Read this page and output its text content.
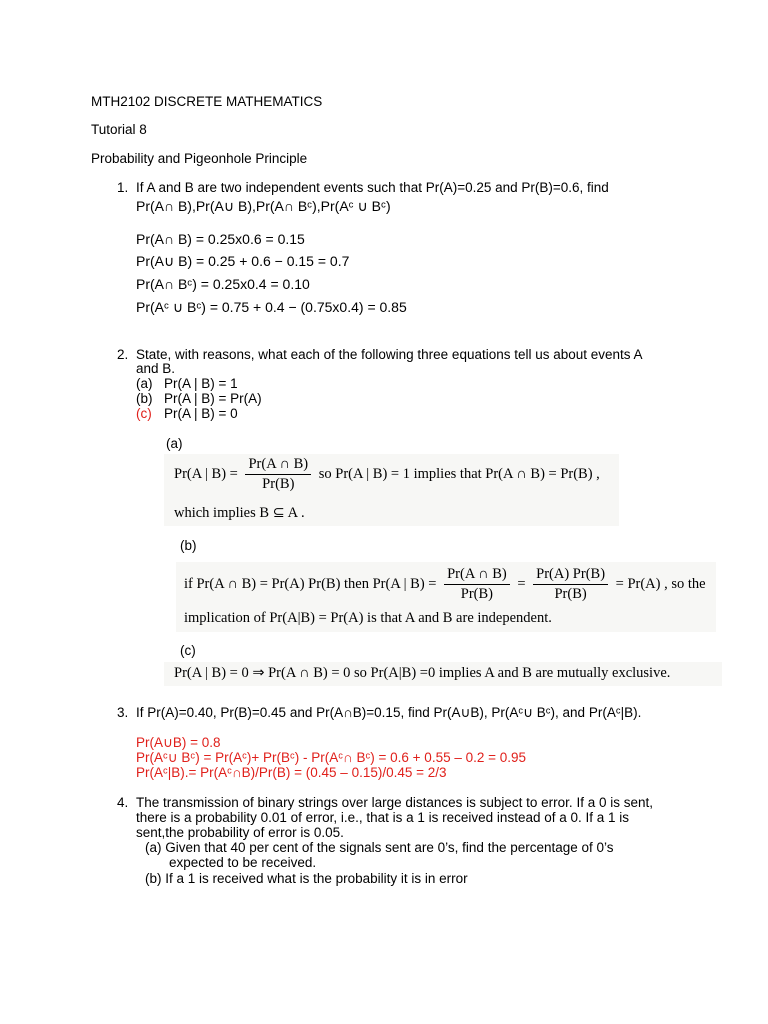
MTH2102 DISCRETE MATHEMATICS
Tutorial 8
Probability and Pigeonhole Principle
1. If A and B are two independent events such that Pr(A)=0.25 and Pr(B)=0.6, find
Pr(A∩ B),Pr(A∪ B),Pr(A∩ Bᶜ),Pr(Aᶜ ∪ Bᶜ)
Pr(A∩ B) = 0.25x0.6 = 0.15
Pr(A∪ B) = 0.25 + 0.6 − 0.15 = 0.7
Pr(A∩ Bᶜ) = 0.25x0.4 = 0.10
Pr(Aᶜ ∪ Bᶜ) = 0.75 + 0.4 − (0.75x0.4) = 0.85
2. State, with reasons, what each of the following three equations tell us about events A
and B.
(a) Pr(A | B) = 1
(b) Pr(A | B) = Pr(A)
(c) Pr(A | B) = 0
(a)
Pr(A | $B) = \frac{Pr(A \cap B)}{Pr(B)}$ so Pr(A | B) = 1 implies that Pr(A ∩ B) = Pr(B) ,
which implies B ⊆ A .
(b)
if Pr(A ∩ B) = Pr(A) Pr(B) then Pr(A | $B) = \frac{Pr(A \cap B)}{Pr(B)} = \frac{Pr(A) Pr(B)}{Pr(B)} = Pr(A)$ , so the
implication of Pr(A|B) = Pr(A) is that A and B are independent.
(c)
Pr(A | B) = 0 ⇒ Pr(A ∩ B) = 0 so Pr(A|B) =0 implies A and B are mutually exclusive.
3. If Pr(A)=0.40, Pr(B)=0.45 and Pr(A∩B)=0.15, find Pr(A∪B), Pr(Aᶜ∪ Bᶜ), and Pr(Aᶜ|B).
Pr(A∪B) = 0.8
Pr(Aᶜ∪ Bᶜ) = Pr(Aᶜ)+ Pr(Bᶜ) - Pr(Aᶜ∩ Bᶜ) = 0.6 + 0.55 – 0.2 = 0.95
Pr(Aᶜ|B).= Pr(Aᶜ∩B)/Pr(B) = (0.45 – 0.15)/0.45 = 2/3
4. The transmission of binary strings over large distances is subject to error. If a 0 is sent,
there is a probability 0.01 of error, i.e., that is a 1 is received instead of a 0. If a 1 is
sent,the probability of error is 0.05.
(a) Given that 40 per cent of the signals sent are 0’s, find the percentage of 0’s
expected to be received.
(b) If a 1 is received what is the probability it is in error
